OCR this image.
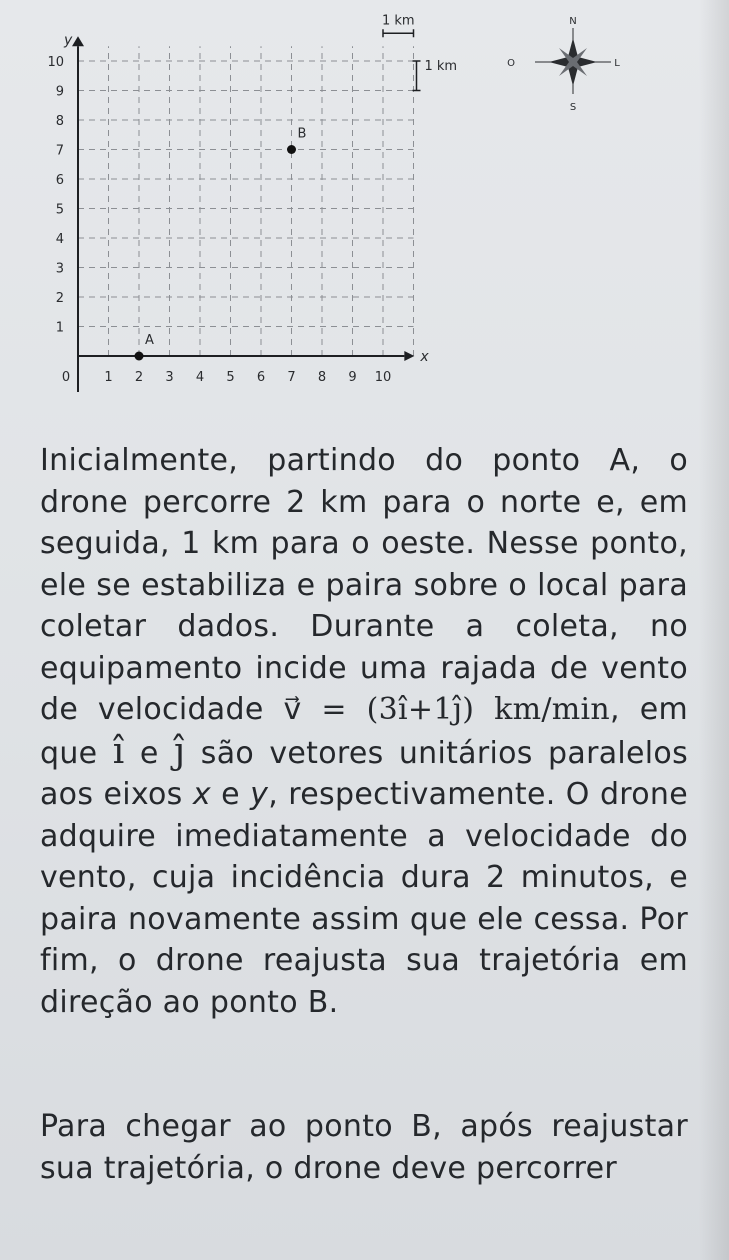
y
x
1
2
3
4
5
6
7
8
9
10
0	1 2 3 4 5 6 7 8 9 10
1 km
1 km
A
B
N
S
L
O

Inicialmente, partindo do ponto A, o drone percorre 2 km para o norte e, em seguida, 1 km para o oeste. Nesse ponto, ele se estabiliza e paira sobre o local para coletar dados. Durante a coleta, no equipamento incide uma rajada de vento de velocidade v⃗ = (3î+1ĵ) km/min, em que î e ĵ são vetores unitários paralelos aos eixos x e y, respectivamente. O drone adquire imediatamente a velocidade do vento, cuja incidência dura 2 minutos, e paira novamente assim que ele cessa. Por fim, o drone reajusta sua trajetória em direção ao ponto B.

Para chegar ao ponto B, após reajustar sua trajetória, o drone deve percorrer
